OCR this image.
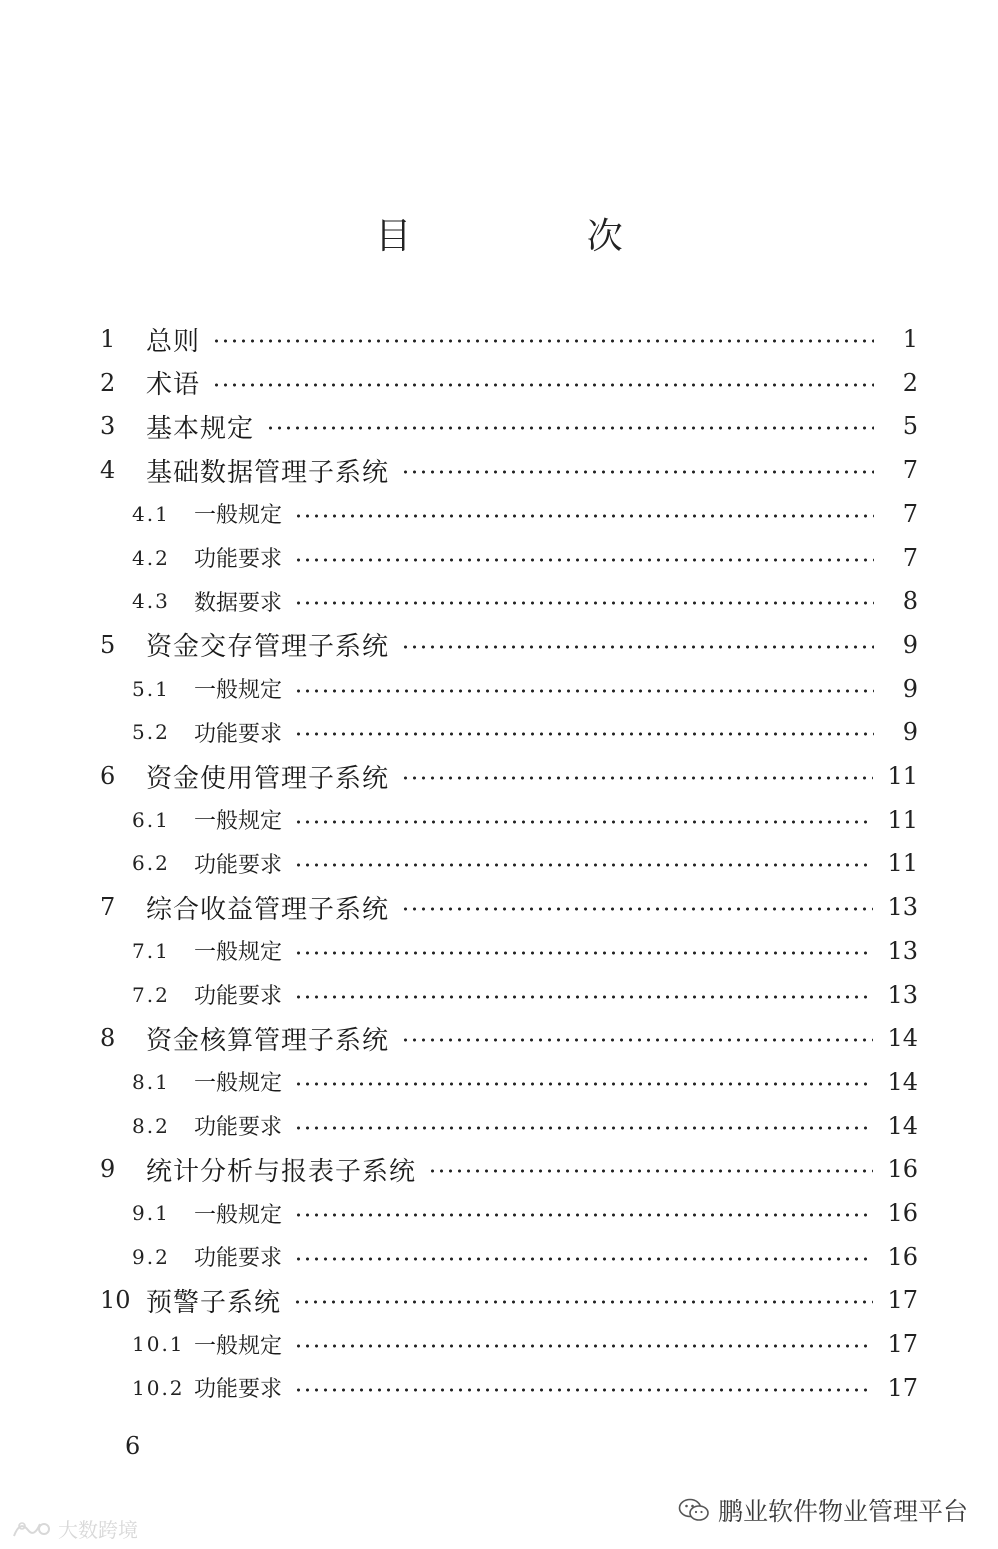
目 次
1	总则	1
2	术语	2
3	基本规定	5
4	基础数据管理子系统	7
4.1	一般规定	7
4.2	功能要求	7
4.3	数据要求	8
5	资金交存管理子系统	9
5.1	一般规定	9
5.2	功能要求	9
6	资金使用管理子系统	11
6.1	一般规定	11
6.2	功能要求	11
7	综合收益管理子系统	13
7.1	一般规定	13
7.2	功能要求	13
8	资金核算管理子系统	14
8.1	一般规定	14
8.2	功能要求	14
9	统计分析与报表子系统	16
9.1	一般规定	16
9.2	功能要求	16
10 预警子系统	17
10.1 一般规定	17
10.2 功能要求	17
6
鹏业软件物业管理平台
大数跨境
